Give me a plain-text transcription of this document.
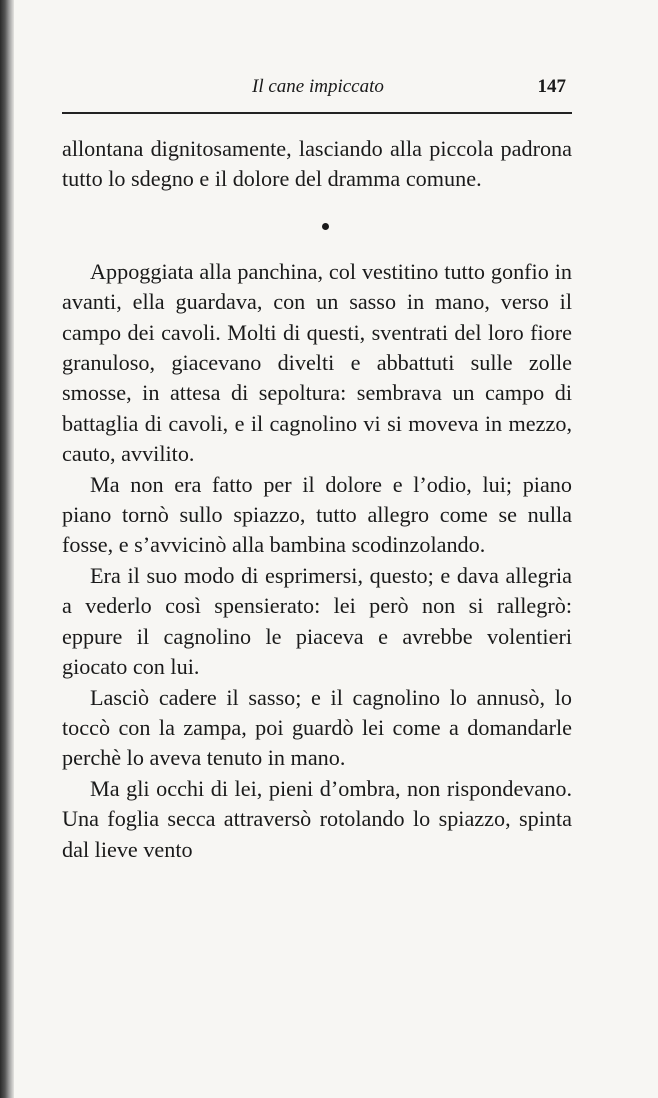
Il cane impiccato	147

allontana dignitosamente, lasciando alla piccola padrona tutto lo sdegno e il dolore del dramma comune.

Appoggiata alla panchina, col vestitino tutto gonfio in avanti, ella guardava, con un sasso in mano, verso il campo dei cavoli. Molti di questi, sventrati del loro fiore granuloso, giacevano divelti e abbattuti sulle zolle smosse, in attesa di sepoltura: sembrava un campo di battaglia di cavoli, e il cagnolino vi si moveva in mezzo, cauto, avvilito.

Ma non era fatto per il dolore e l’odio, lui; piano piano tornò sullo spiazzo, tutto allegro come se nulla fosse, e s’avvicinò alla bambina scodinzolando.

Era il suo modo di esprimersi, questo; e dava allegria a vederlo così spensierato: lei però non si rallegrò: eppure il cagnolino le piaceva e avrebbe volentieri giocato con lui.

Lasciò cadere il sasso; e il cagnolino lo annusò, lo toccò con la zampa, poi guardò lei come a domandarle perchè lo aveva tenuto in mano.

Ma gli occhi di lei, pieni d’ombra, non rispondevano. Una foglia secca attraversò rotolando lo spiazzo, spinta dal lieve vento
